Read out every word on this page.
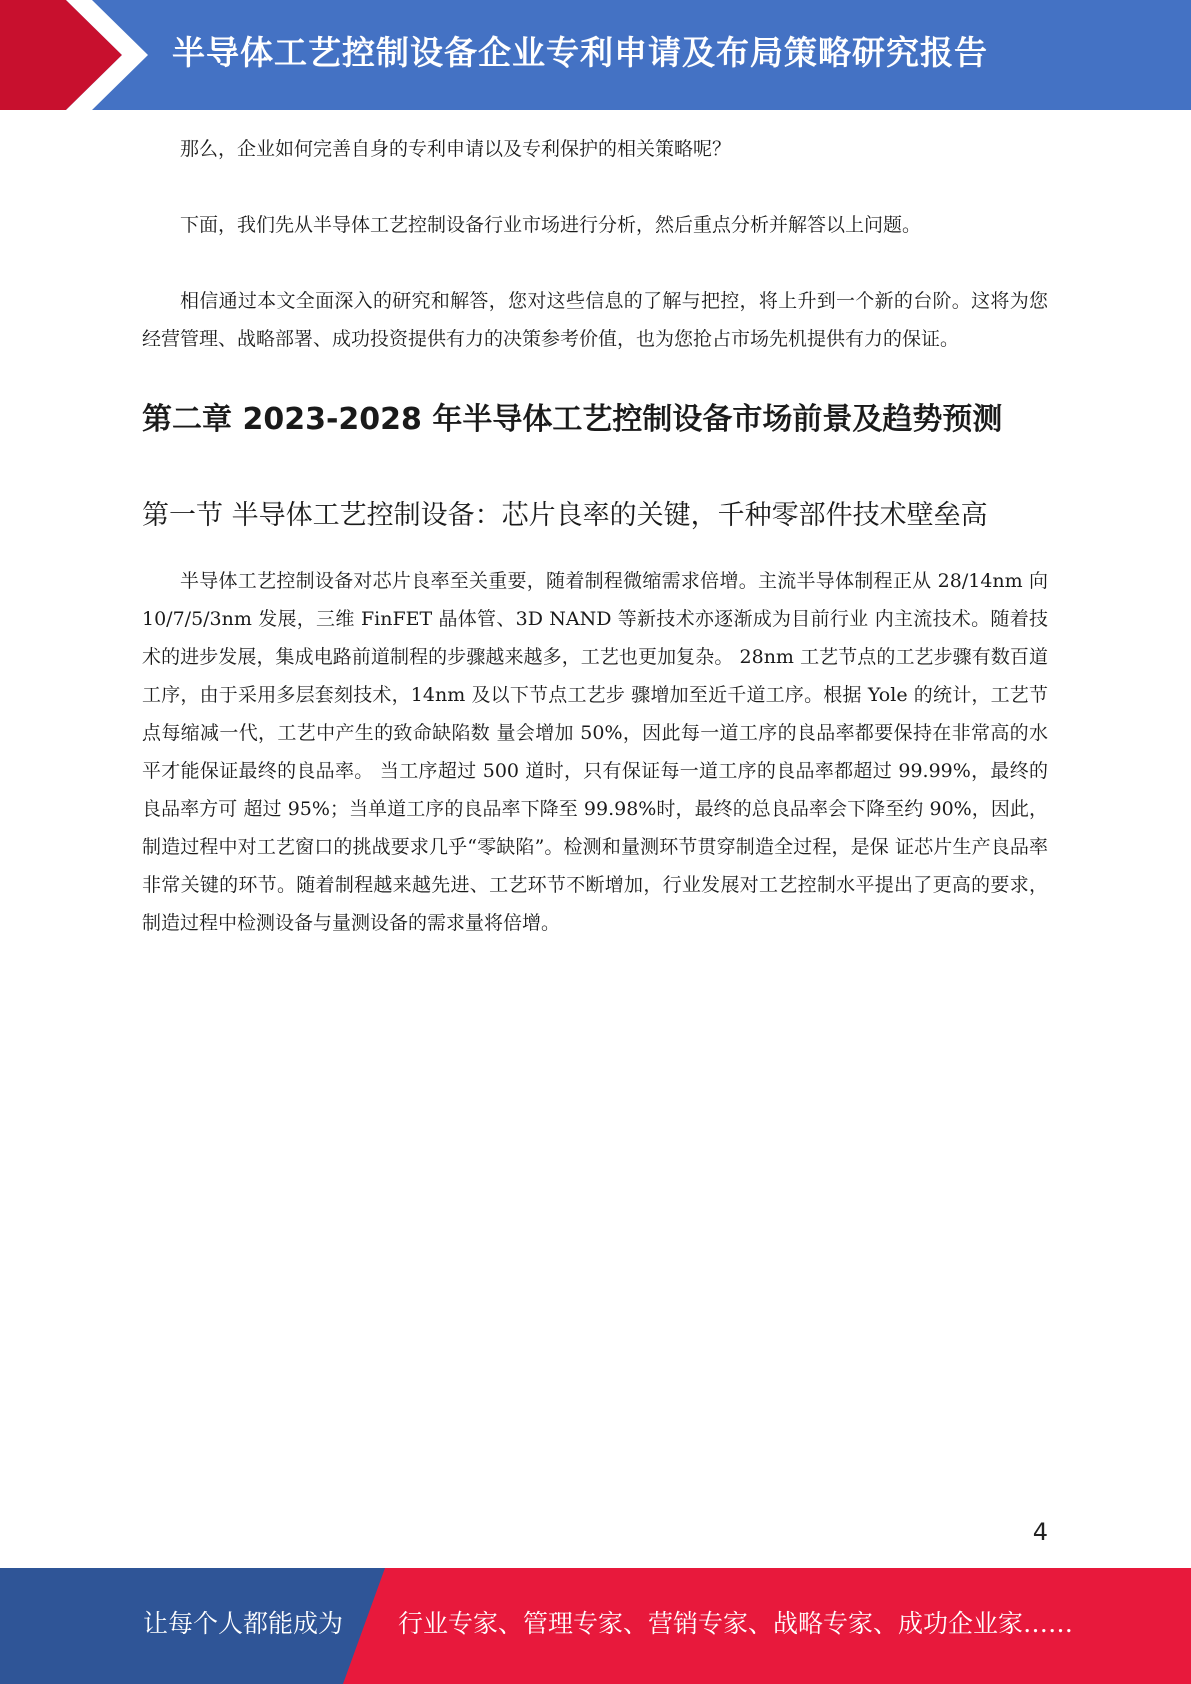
半导体工艺控制设备企业专利申请及布局策略研究报告

那么，企业如何完善自身的专利申请以及专利保护的相关策略呢？

下面，我们先从半导体工艺控制设备行业市场进行分析，然后重点分析并解答以上问题。

相信通过本文全面深入的研究和解答，您对这些信息的了解与把控，将上升到一个新的台阶。这将为您经营管理、战略部署、成功投资提供有力的决策参考价值，也为您抢占市场先机提供有力的保证。

第二章 2023-2028 年半导体工艺控制设备市场前景及趋势预测
第一节 半导体工艺控制设备：芯片良率的关键，千种零部件技术壁垒高

半导体工艺控制设备对芯片良率至关重要，随着制程微缩需求倍增。主流半导体制程正从 28/14nm 向 10/7/5/3nm 发展，三维 FinFET 晶体管、3D NAND 等新技术亦逐渐成为目前行业 内主流技术。随着技术的进步发展，集成电路前道制程的步骤越来越多，工艺也更加复杂。 28nm 工艺节点的工艺步骤有数百道工序，由于采用多层套刻技术，14nm 及以下节点工艺步 骤增加至近千道工序。根据 Yole 的统计，工艺节点每缩减一代，工艺中产生的致命缺陷数 量会增加 50%，因此每一道工序的良品率都要保持在非常高的水平才能保证最终的良品率。 当工序超过 500 道时，只有保证每一道工序的良品率都超过 99.99%，最终的良品率方可 超过 95%；当单道工序的良品率下降至 99.98%时，最终的总良品率会下降至约 90%，因此， 制造过程中对工艺窗口的挑战要求几乎“零缺陷”。检测和量测环节贯穿制造全过程，是保 证芯片生产良品率非常关键的环节。随着制程越来越先进、工艺环节不断增加，行业发展对工艺控制水平提出了更高的要求，制造过程中检测设备与量测设备的需求量将倍增。

4
让每个人都能成为 行业专家、管理专家、营销专家、战略专家、成功企业家……
